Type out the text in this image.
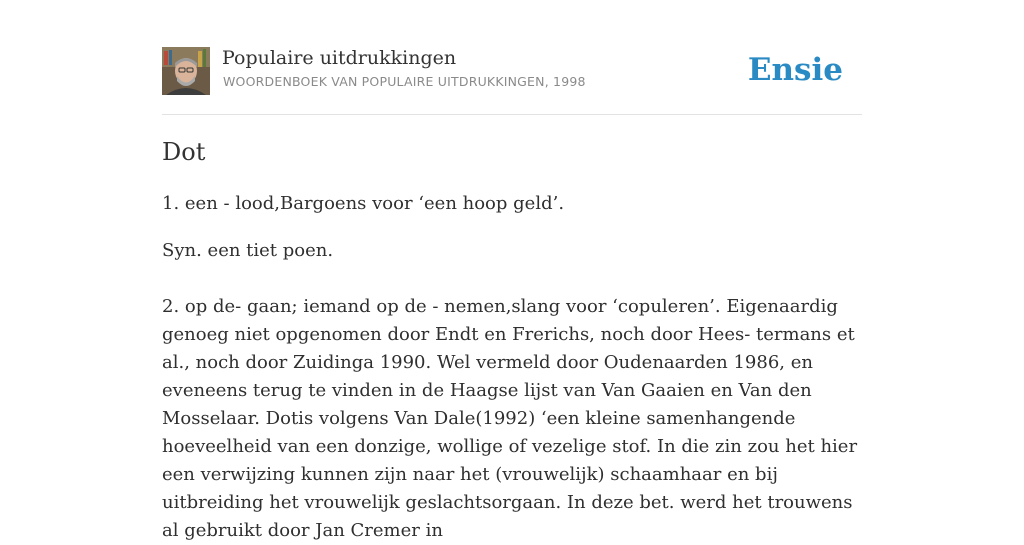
Populaire uitdrukkingen
WOORDENBOEK VAN POPULAIRE UITDRUKKINGEN, 1998	Ensie
Dot

1. een - lood,Bargoens voor ‘een hoop geld’.

Syn. een tiet poen.

2. op de- gaan; iemand op de - nemen,slang voor ‘copuleren’. Eigenaardig genoeg niet opgenomen door Endt en Frerichs, noch door Hees- termans et al., noch door Zuidinga 1990. Wel vermeld door Oudenaarden 1986, en eveneens terug te vinden in de Haagse lijst van Van Gaaien en Van den Mosselaar. Dotis volgens Van Dale(1992) ‘een kleine samenhangende hoeveelheid van een donzige, wollige of vezelige stof. In die zin zou het hier een verwijzing kunnen zijn naar het (vrouwelijk) schaamhaar en bij uitbreiding het vrouwelijk geslachtsorgaan. In deze bet. werd het trouwens al gebruikt door Jan Cremer in
